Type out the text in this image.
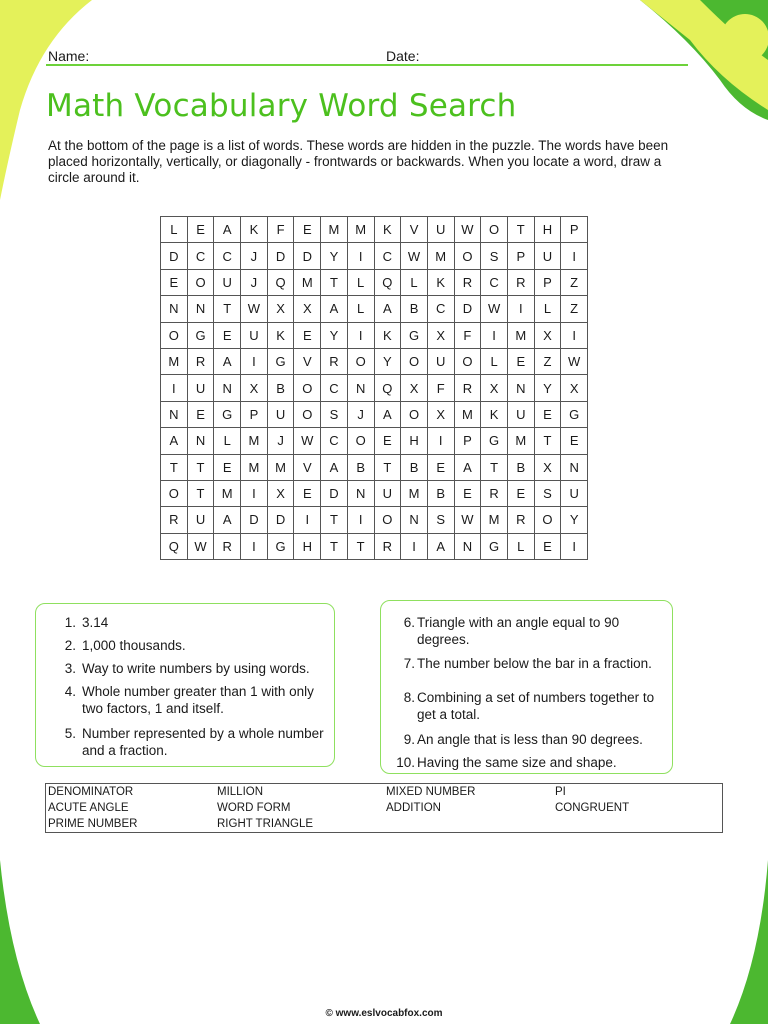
Name:	Date:
Math Vocabulary Word Search
At the bottom of the page is a list of words. These words are hidden in the puzzle. The words have been placed horizontally, vertically, or diagonally - frontwards or backwards. When you locate a word, draw a circle around it.
L	E	A	K	F	E	M	M	K	V	U	W	O	T	H	P
D	C	C	J	D	D	Y	I	C	W	M	O	S	P	U	I
E	O	U	J	Q	M	T	L	Q	L	K	R	C	R	P	Z
N	N	T	W	X	X	A	L	A	B	C	D	W	I	L	Z
O	G	E	U	K	E	Y	I	K	G	X	F	I	M	X	I
M	R	A	I	G	V	R	O	Y	O	U	O	L	E	Z	W
I	U	N	X	B	O	C	N	Q	X	F	R	X	N	Y	X
N	E	G	P	U	O	S	J	A	O	X	M	K	U	E	G
A	N	L	M	J	W	C	O	E	H	I	P	G	M	T	E
T	T	E	M	M	V	A	B	T	B	E	A	T	B	X	N
O	T	M	I	X	E	D	N	U	M	B	E	R	E	S	U
R	U	A	D	D	I	T	I	O	N	S	W	M	R	O	Y
Q	W	R	I	G	H	T	T	R	I	A	N	G	L	E	I
1. 3.14
2. 1,000 thousands.
3. Way to write numbers by using words.
4. Whole number greater than 1 with only two factors, 1 and itself.
5. Number represented by a whole number and a fraction.
6. Triangle with an angle equal to 90 degrees.
7. The number below the bar in a fraction.
8. Combining a set of numbers together to get a total.
9. An angle that is less than 90 degrees.
10. Having the same size and shape.
DENOMINATOR	MILLION	MIXED NUMBER	PI
ACUTE ANGLE	WORD FORM	ADDITION	CONGRUENT
PRIME NUMBER	RIGHT TRIANGLE
© www.eslvocabfox.com
